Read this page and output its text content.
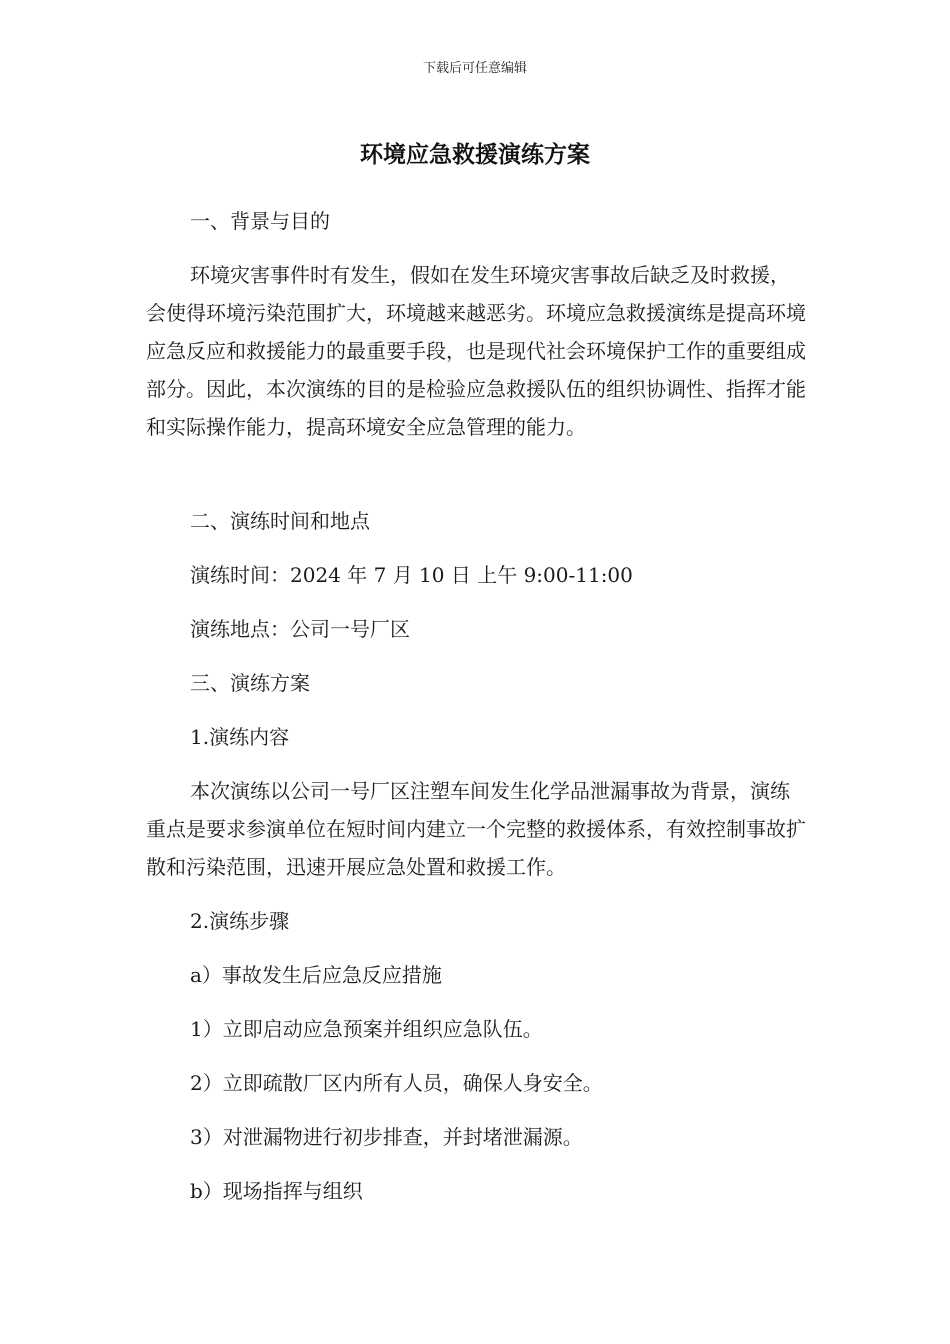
下载后可任意编辑
环境应急救援演练方案

一、背景与目的

环境灾害事件时有发生，假如在发生环境灾害事故后缺乏及时救援，会使得环境污染范围扩大，环境越来越恶劣。环境应急救援演练是提高环境应急反应和救援能力的最重要手段，也是现代社会环境保护工作的重要组成部分。因此，本次演练的目的是检验应急救援队伍的组织协调性、指挥才能和实际操作能力，提高环境安全应急管理的能力。

二、演练时间和地点

演练时间：2024 年 7 月 10 日 上午 9:00-11:00

演练地点：公司一号厂区

三、演练方案

1.演练内容

本次演练以公司一号厂区注塑车间发生化学品泄漏事故为背景，演练重点是要求参演单位在短时间内建立一个完整的救援体系，有效控制事故扩散和污染范围，迅速开展应急处置和救援工作。

2.演练步骤

a）事故发生后应急反应措施

1）立即启动应急预案并组织应急队伍。

2）立即疏散厂区内所有人员，确保人身安全。

3）对泄漏物进行初步排查，并封堵泄漏源。

b）现场指挥与组织
